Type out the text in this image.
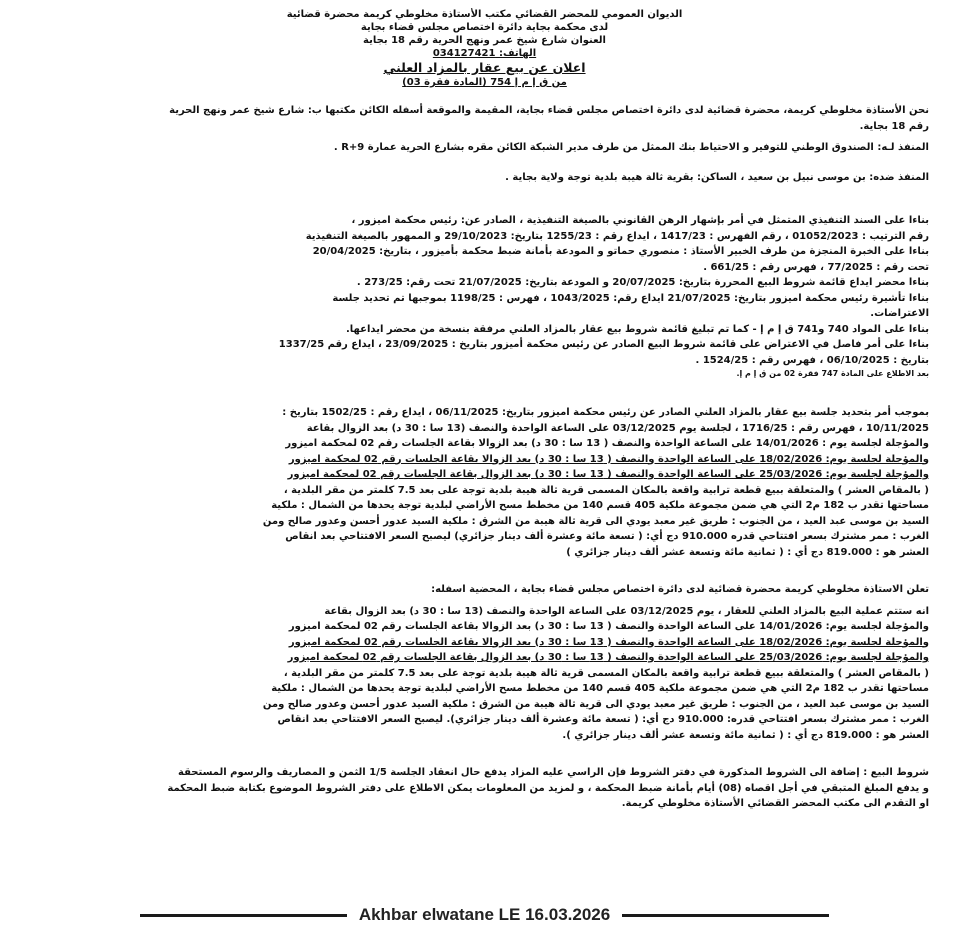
الديوان العمومي للمحضر القضائي مكتب الأستاذة مخلوطي كريمة محضرة قضائية
لدى محكمة بجاية دائرة اختصاص مجلس قضاء بجاية
العنوان شارع شيخ عمر ونهج الحرية رقم 18 بجاية
الهاتف: 034127421
اعلان عن بيع عقار بالمزاد العلني
من ق إ م إ 754 (المادة فقرة 03)
نحن الأستاذة مخلوطي كريمة، محضرة قضائية لدى دائرة اختصاص مجلس قضاء بجاية، المقيمة والموقعة أسفله الكائن مكتبها ب: شارع شيخ عمر ونهج الحرية
رقم 18 بجاية.
المنفذ لـه: الصندوق الوطني للتوفير و الاحتياط بنك الممثل من طرف مدير الشبكة الكائن مقره بشارع الحرية عمارة R+9 .
المنفذ ضده: بن موسى نبيل بن سعيد ، الساكن: بقرية ثالة هيبة بلدية توجة ولاية بجاية .
بناءا على السند التنفيذي المتمثل في أمر بإشهار الرهن القانوني بالصيغة التنفيذية ، الصادر عن: رئيس محكمة اميزور ،
رقم الترتيب : 01052/2023 ، رقم الفهرس : 1417/23 ، ايداع رقم : 1255/23 بتاريخ: 29/10/2023 و الممهور بالصيغة التنفيذية
بناءا على الخبرة المنجزة من طرف الخبير الأستاذ : منصوري حماتو و المودعة بأمانة ضبط محكمة بأميزور ، بتاريخ: 20/04/2025
تحت رقم : 77/2025 ، فهرس رقم : 661/25 .
بناءا محضر ايداع قائمة شروط البيع المحررة بتاريخ: 20/07/2025 و المودعة بتاريخ: 21/07/2025 تحت رقم: 273/25 .
بناءا تأشيرة رئيس محكمة اميزور بتاريخ: 21/07/2025 ايداع رقم: 1043/2025 ، فهرس : 1198/25 بموجبها تم تحديد جلسة
الاعتراضات.
بناءا على المواد 740 و741 ق إ م إ - كما تم تبليغ قائمة شروط بيع عقار بالمزاد العلني مرفقة بنسخة من محضر ايداعها.
بناءا على أمر فاصل في الاعتراض على قائمة شروط البيع الصادر عن رئيس محكمة أميزور بتاريخ : 23/09/2025 ، ايداع رقم 1337/25
بتاريخ : 06/10/2025 ، فهرس رقم : 1524/25 .
بعد الاطلاع على المادة 747 فقرة 02 من ق إ م إ.
بموجب أمر بتحديد جلسة بيع عقار بالمزاد العلني الصادر عن رئيس محكمة اميزور بتاريخ: 06/11/2025 ، ايداع رقم : 1502/25 بتاريخ :
10/11/2025 ، فهرس رقم : 1716/25 ، لجلسة يوم 03/12/2025 على الساعة الواحدة والنصف (13 سا : 30 د) بعد الزوال بقاعة
والمؤجلة لجلسة يوم : 14/01/2026 على الساعة الواحدة والنصف ( 13 سا : 30 د) بعد الزوالا بقاعة الجلسات رقم 02 لمحكمة اميزور
والمؤجلة لجلسة يوم: 18/02/2026 على الساعة الواحدة والنصف ( 13 سا : 30 د) بعد الزوالا بقاعة الجلسات رقم 02 لمحكمة اميزور
والمؤجلة لجلسة يوم: 25/03/2026 على الساعة الواحدة والنصف ( 13 سا : 30 د) بعد الزوال بقاعة الجلسات رقم 02 لمحكمة اميزور
( بالمقاص العشر ) والمتعلقة ببيع قطعة ترابية واقعة بالمكان المسمى قرية ثالة هيبة بلدية توجة على بعد 7.5 كلمتر من مقر البلدية ،
مساحتها تقدر ب 182 م2 التي هي ضمن مجموعة ملكية 405 قسم 140 من مخطط مسح الأراضي لبلدية توجة يحدها من الشمال : ملكية
السيد بن موسى عبد العيد ، من الجنوب : طريق غير معبد يودي الى قرية ثالة هيبة من الشرق : ملكية السيد عدور أحسن وعدور صالح ومن
الغرب : ممر مشترك بسعر افتتاحي قدره 910.000 دج أي: ( تسعة مائة وعشرة ألف دينار جزائري) ليصبح السعر الافتتاحي بعد انقاص
العشر هو : 819.000 دج أي : ( ثمانية مائة وتسعة عشر ألف دينار جزائري )
تعلن الاستاذة مخلوطي كريمة محضرة قضائية لدى دائرة اختصاص مجلس قضاء بجاية ، المحضية اسفله:
انه ستتم عملية البيع بالمزاد العلني للعقار ، يوم 03/12/2025 على الساعة الواحدة والنصف (13 سا : 30 د) بعد الزوال بقاعة
والمؤجلة لجلسة يوم: 14/01/2026 على الساعة الواحدة والنصف ( 13 سا : 30 د) بعد الزوالا بقاعة الجلسات رقم 02 لمحكمة اميزور
والمؤجلة لجلسة يوم: 18/02/2026 على الساعة الواحدة والنصف ( 13 سا : 30 د) بعد الزوالا بقاعة الجلسات رقم 02 لمحكمة اميزور
والمؤجلة لجلسة يوم: 25/03/2026 على الساعة الواحدة والنصف ( 13 سا : 30 د) بعد الزوال بقاعة الجلسات رقم 02 لمحكمة اميزور
( بالمقاص العشر ) والمتعلقة ببيع قطعة ترابية واقعة بالمكان المسمى قرية ثالة هيبة بلدية توجة على بعد 7.5 كلمتر من مقر البلدية ،
مساحتها تقدر ب 182 م2 التي هي ضمن مجموعة ملكية 405 قسم 140 من مخطط مسح الأراضي لبلدية توجة يحدها من الشمال : ملكية
السيد بن موسى عبد العيد ، من الجنوب : طريق غير معبد يودي الى قرية ثالة هيبة من الشرق : ملكية السيد عدور أحسن وعدور صالح ومن
الغرب : ممر مشترك بسعر افتتاحي قدره: 910.000 دج أي: ( تسعة مائة وعشرة ألف دينار جزائري). ليصبح السعر الافتتاحي بعد انقاص
العشر هو : 819.000 دج أي : ( ثمانية مائة وتسعة عشر ألف دينار جزائري ).
شروط البيع : إضافة الى الشروط المذكورة في دفتر الشروط فإن الراسي عليه المزاد يدفع حال انعقاد الجلسة 1/5 الثمن و المصاريف والرسوم المستحقة
و يدفع المبلغ المتبقي في أجل اقصاه (08) أيام بأمانة ضبط المحكمة ، و لمزيد من المعلومات يمكن الاطلاع على دفتر الشروط الموضوع بكتابة ضبط المحكمة
او التقدم الى مكتب المحضر القضائي الأستاذة مخلوطي كريمة.
Akhbar elwatane LE 16.03.2026
